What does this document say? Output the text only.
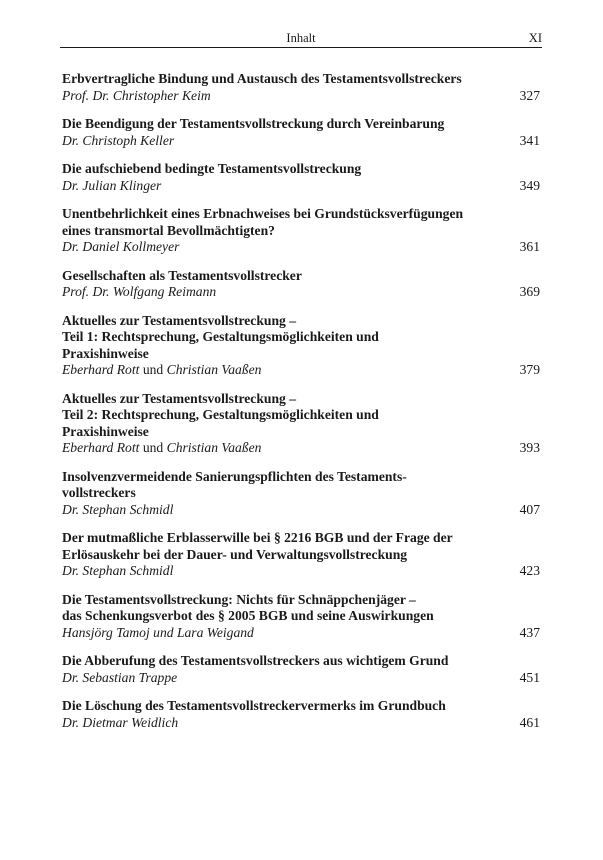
Inhalt	XI
Erbvertragliche Bindung und Austausch des Testamentsvollstreckers
Prof. Dr. Christopher Keim	327
Die Beendigung der Testamentsvollstreckung durch Vereinbarung
Dr. Christoph Keller	341
Die aufschiebend bedingte Testamentsvollstreckung
Dr. Julian Klinger	349
Unentbehrlichkeit eines Erbnachweises bei Grundstücksverfügungen
eines transmortal Bevollmächtigten?
Dr. Daniel Kollmeyer	361
Gesellschaften als Testamentsvollstrecker
Prof. Dr. Wolfgang Reimann	369
Aktuelles zur Testamentsvollstreckung –
Teil 1: Rechtsprechung, Gestaltungsmöglichkeiten und
Praxishinweise
Eberhard Rott und Christian Vaaßen	379
Aktuelles zur Testamentsvollstreckung –
Teil 2: Rechtsprechung, Gestaltungsmöglichkeiten und
Praxishinweise
Eberhard Rott und Christian Vaaßen	393
Insolvenzvermeidende Sanierungspflichten des Testaments-
vollstreckers
Dr. Stephan Schmidl	407
Der mutmaßliche Erblasserwille bei § 2216 BGB und der Frage der
Erlösauskehr bei der Dauer- und Verwaltungsvollstreckung
Dr. Stephan Schmidl	423
Die Testamentsvollstreckung: Nichts für Schnäppchenjäger –
das Schenkungsverbot des § 2005 BGB und seine Auswirkungen
Hansjörg Tamoj und Lara Weigand	437
Die Abberufung des Testamentsvollstreckers aus wichtigem Grund
Dr. Sebastian Trappe	451
Die Löschung des Testamentsvollstreckervermerks im Grundbuch
Dr. Dietmar Weidlich	461
